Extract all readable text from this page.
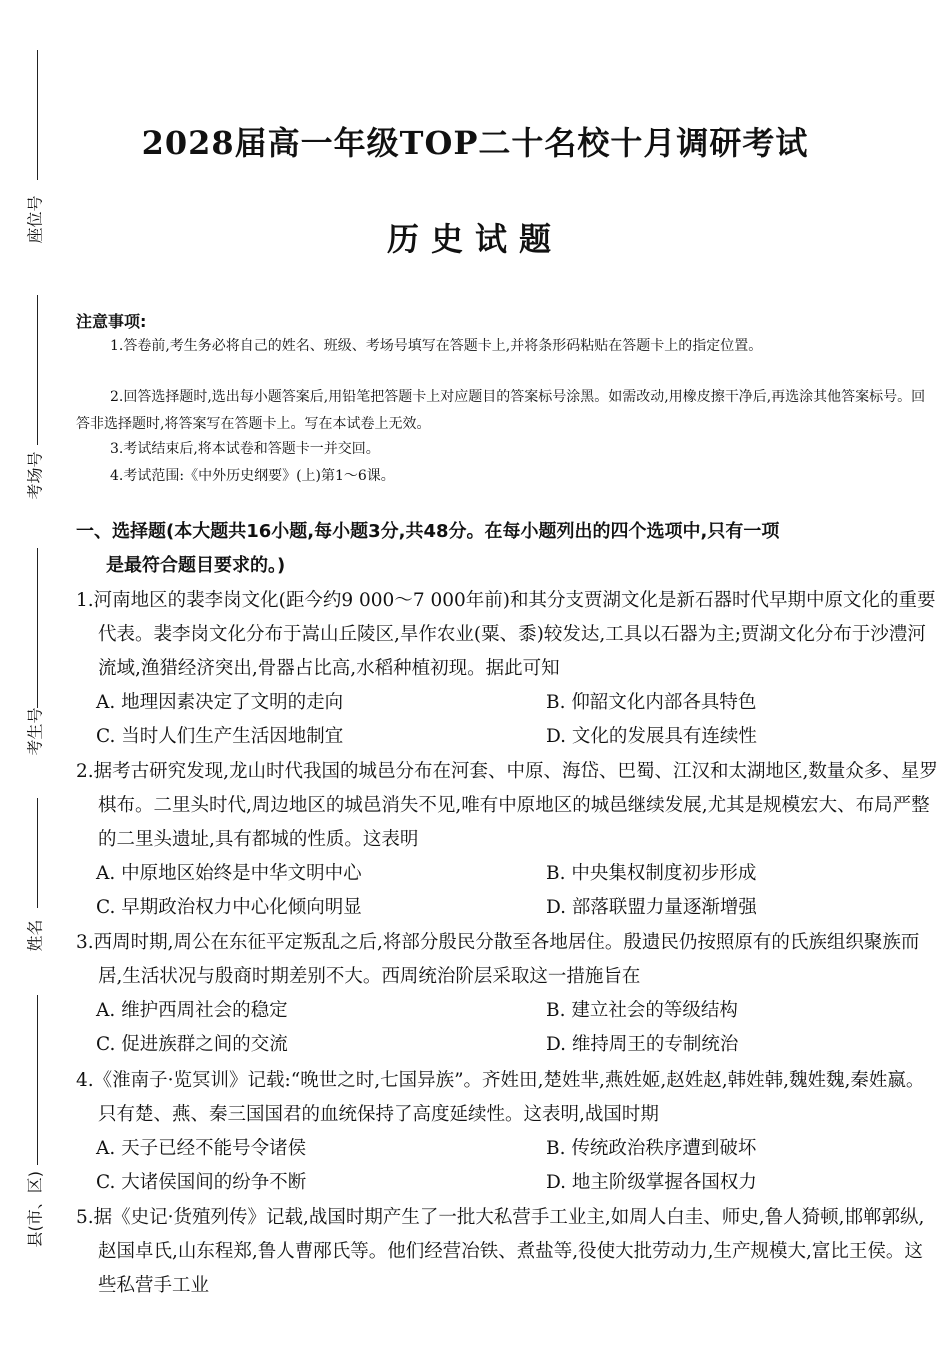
座位号
考场号
考生号
姓名
县(市、区)
2028届高一年级TOP二十名校十月调研考试
历史试题
注意事项:
1.答卷前,考生务必将自己的姓名、班级、考场号填写在答题卡上,并将条形码粘贴在答题卡上的指定位置。
2.回答选择题时,选出每小题答案后,用铅笔把答题卡上对应题目的答案标号涂黑。如需改动,用橡皮擦干净后,再选涂其他答案标号。回答非选择题时,将答案写在答题卡上。写在本试卷上无效。
3.考试结束后,将本试卷和答题卡一并交回。
4.考试范围:《中外历史纲要》(上)第1～6课。
一、选择题(本大题共16小题,每小题3分,共48分。在每小题列出的四个选项中,只有一项
是最符合题目要求的。)
1.河南地区的裴李岗文化(距今约9 000～7 000年前)和其分支贾湖文化是新石器时代早期中原文化的重要代表。裴李岗文化分布于嵩山丘陵区,旱作农业(粟、黍)较发达,工具以石器为主;贾湖文化分布于沙澧河流域,渔猎经济突出,骨器占比高,水稻种植初现。据此可知
A. 地理因素决定了文明的走向	B. 仰韶文化内部各具特色
C. 当时人们生产生活因地制宜	D. 文化的发展具有连续性
2.据考古研究发现,龙山时代我国的城邑分布在河套、中原、海岱、巴蜀、江汉和太湖地区,数量众多、星罗棋布。二里头时代,周边地区的城邑消失不见,唯有中原地区的城邑继续发展,尤其是规模宏大、布局严整的二里头遗址,具有都城的性质。这表明
A. 中原地区始终是中华文明中心	B. 中央集权制度初步形成
C. 早期政治权力中心化倾向明显	D. 部落联盟力量逐渐增强
3.西周时期,周公在东征平定叛乱之后,将部分殷民分散至各地居住。殷遗民仍按照原有的氏族组织聚族而居,生活状况与殷商时期差别不大。西周统治阶层采取这一措施旨在
A. 维护西周社会的稳定	B. 建立社会的等级结构
C. 促进族群之间的交流	D. 维持周王的专制统治
4.《淮南子·览冥训》记载:“晚世之时,七国异族”。齐姓田,楚姓芈,燕姓姬,赵姓赵,韩姓韩,魏姓魏,秦姓嬴。只有楚、燕、秦三国国君的血统保持了高度延续性。这表明,战国时期
A. 天子已经不能号令诸侯	B. 传统政治秩序遭到破坏
C. 大诸侯国间的纷争不断	D. 地主阶级掌握各国权力
5.据《史记·货殖列传》记载,战国时期产生了一批大私营手工业主,如周人白圭、师史,鲁人猗顿,邯郸郭纵,赵国卓氏,山东程郑,鲁人曹邴氏等。他们经营冶铁、煮盐等,役使大批劳动力,生产规模大,富比王侯。这些私营手工业
